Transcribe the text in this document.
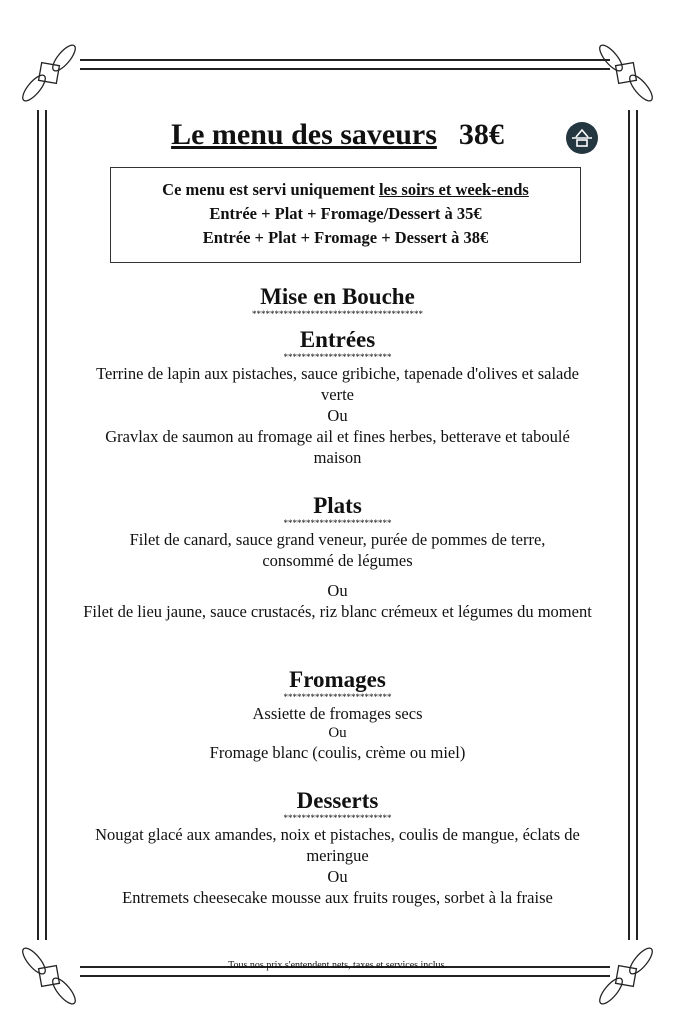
Le menu des saveurs 38€
Ce menu est servi uniquement les soirs et week-ends
Entrée + Plat + Fromage/Dessert à 35€
Entrée + Plat + Fromage + Dessert à 38€
Mise en Bouche
**************************************
Entrées
************************
Terrine de lapin aux pistaches, sauce gribiche, tapenade d'olives et salade verte
Ou
Gravlax de saumon au fromage ail et fines herbes, betterave et taboulé maison
Plats
************************
Filet de canard, sauce grand veneur, purée de pommes de terre, consommé de légumes
Ou
Filet de lieu jaune, sauce crustacés, riz blanc crémeux et légumes du moment
Fromages
************************
Assiette de fromages secs
Ou
Fromage blanc (coulis, crème ou miel)
Desserts
************************
Nougat glacé aux amandes, noix et pistaches, coulis de mangue, éclats de meringue
Ou
Entremets cheesecake mousse aux fruits rouges, sorbet à la fraise
Tous nos prix s'entendent nets, taxes et services inclus.
